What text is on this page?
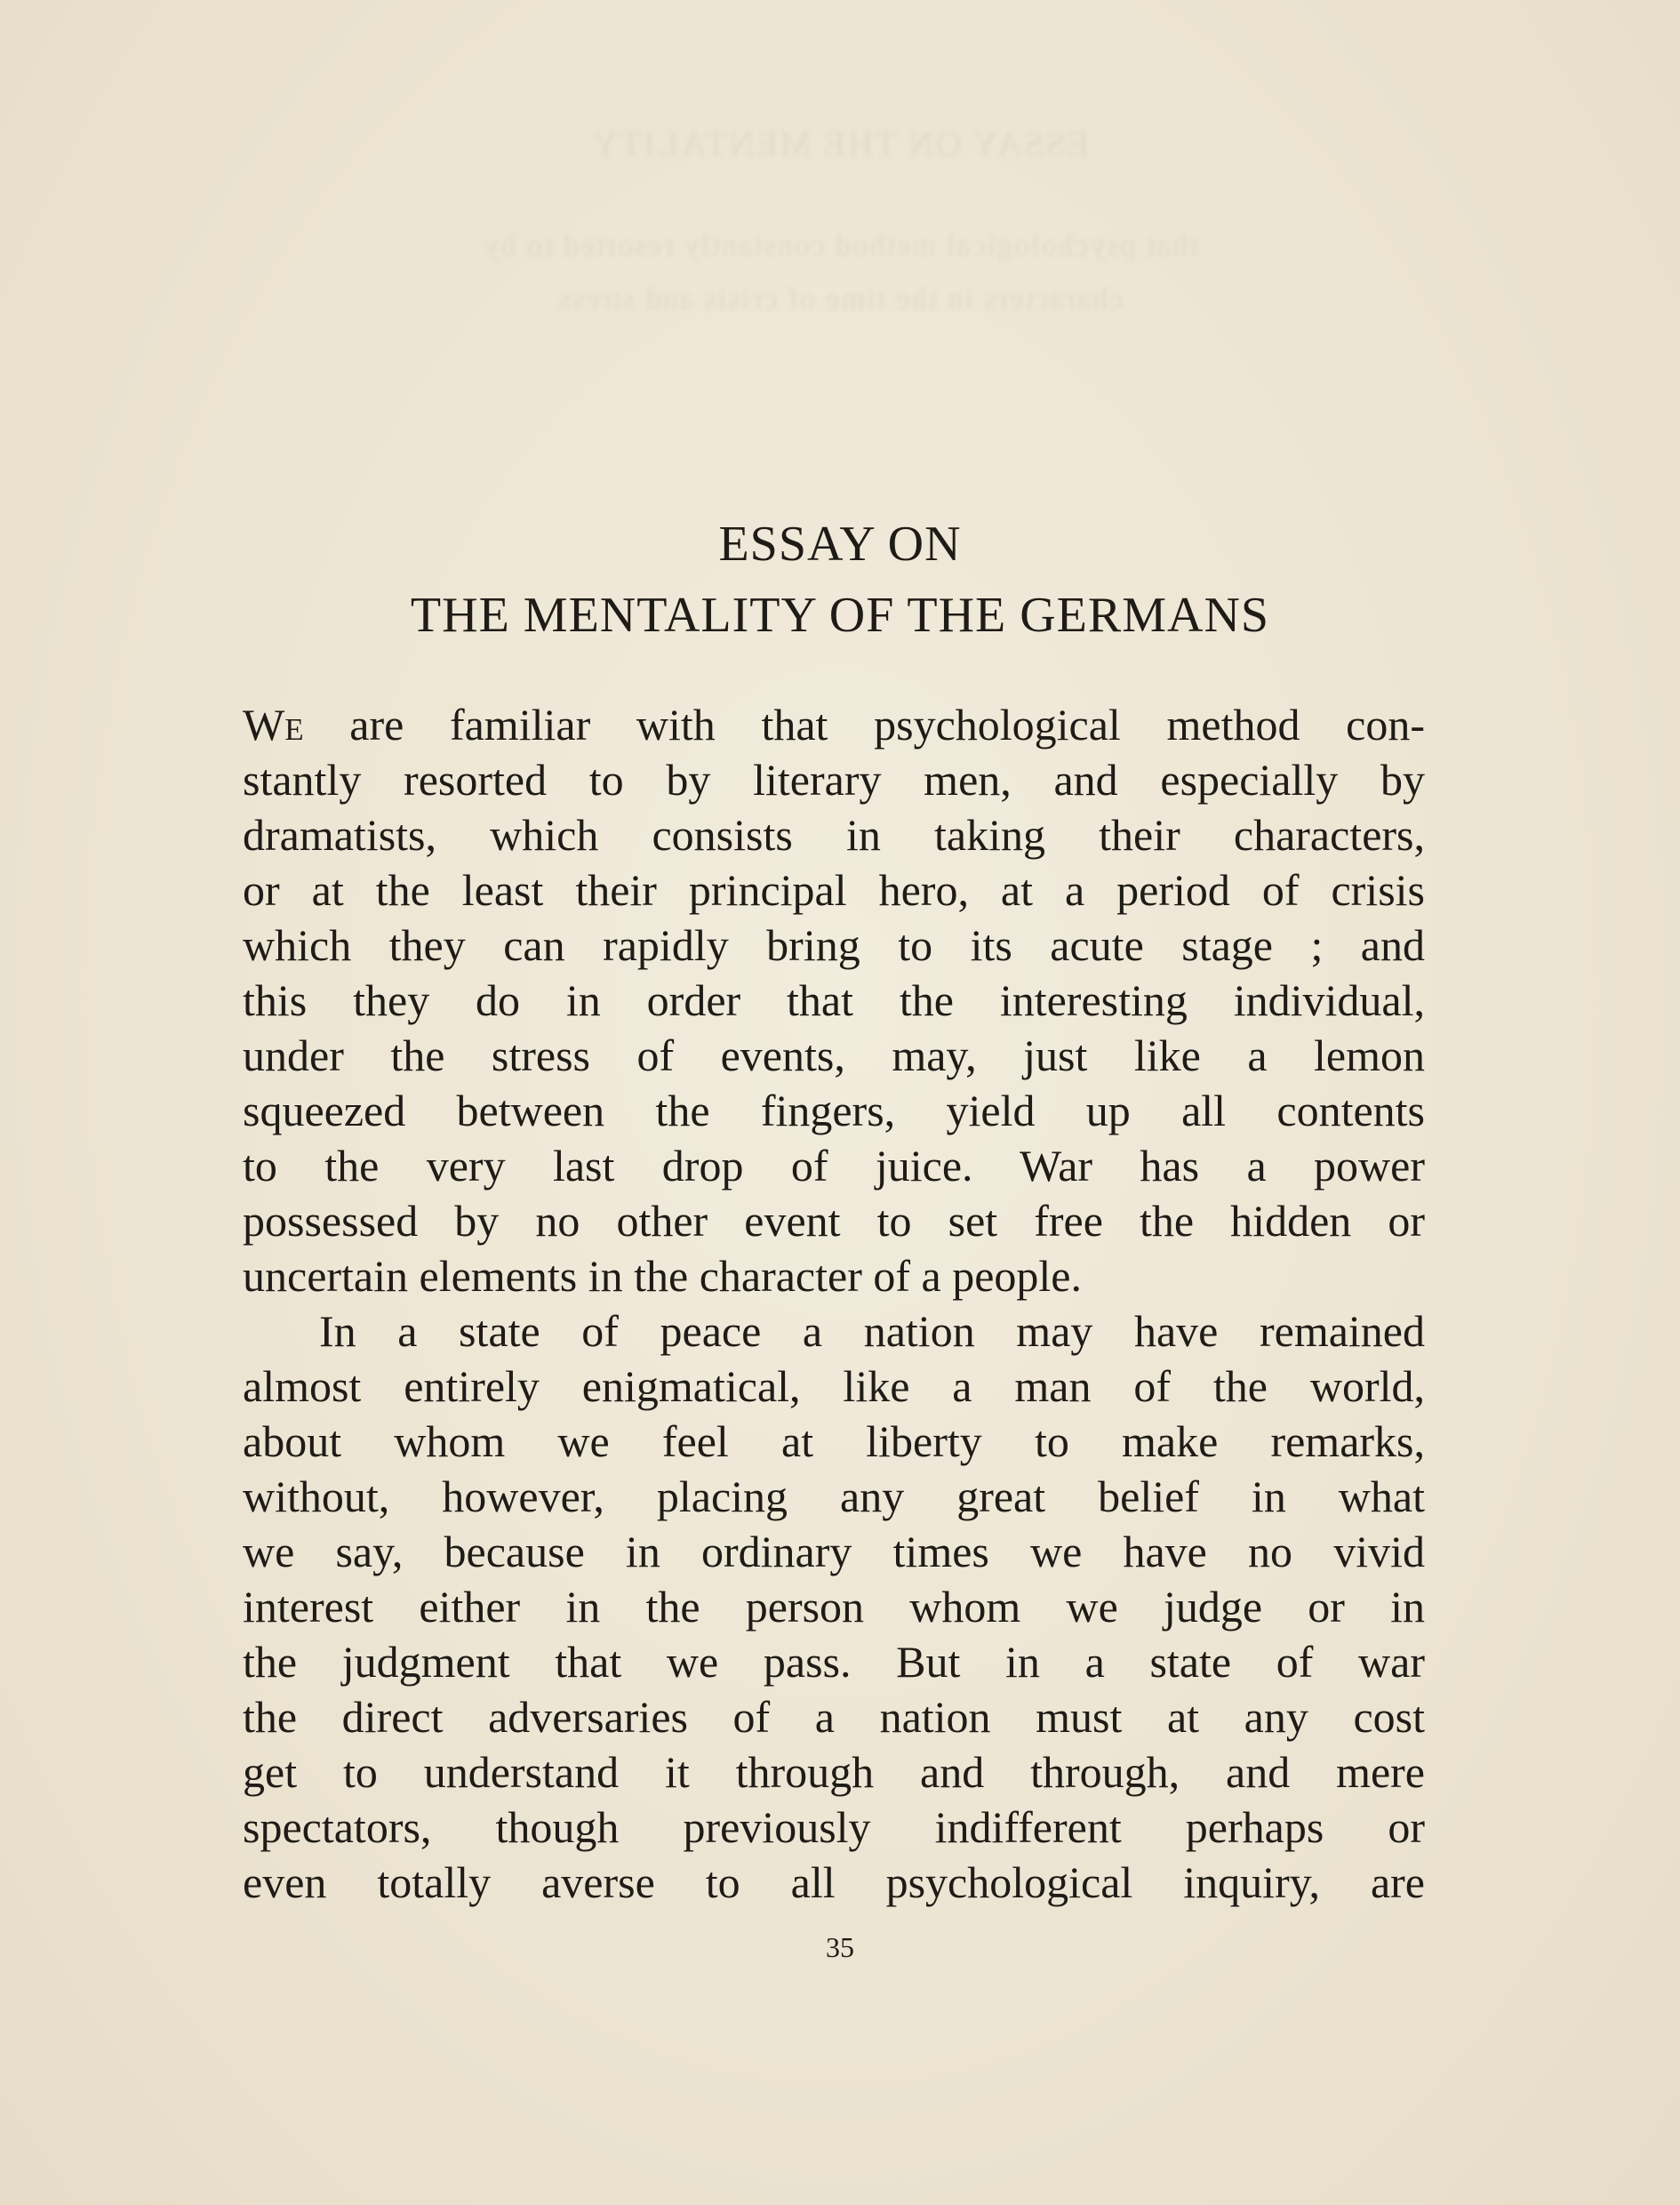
ESSAY ON THE MENTALITY
that psychological method constantly resorted to by
characters in the time of crisis and stress
ESSAY ON
THE MENTALITY OF THE GERMANS
We are familiar with that psychological method con-
stantly resorted to by literary men, and especially by
dramatists, which consists in taking their characters,
or at the least their principal hero, at a period of crisis
which they can rapidly bring to its acute stage ; and
this they do in order that the interesting individual,
under the stress of events, may, just like a lemon
squeezed between the fingers, yield up all contents
to the very last drop of juice. War has a power
possessed by no other event to set free the hidden or
uncertain elements in the character of a people.
In a state of peace a nation may have remained
almost entirely enigmatical, like a man of the world,
about whom we feel at liberty to make remarks,
without, however, placing any great belief in what
we say, because in ordinary times we have no vivid
interest either in the person whom we judge or in
the judgment that we pass. But in a state of war
the direct adversaries of a nation must at any cost
get to understand it through and through, and mere
spectators, though previously indifferent perhaps or
even totally averse to all psychological inquiry, are
35
